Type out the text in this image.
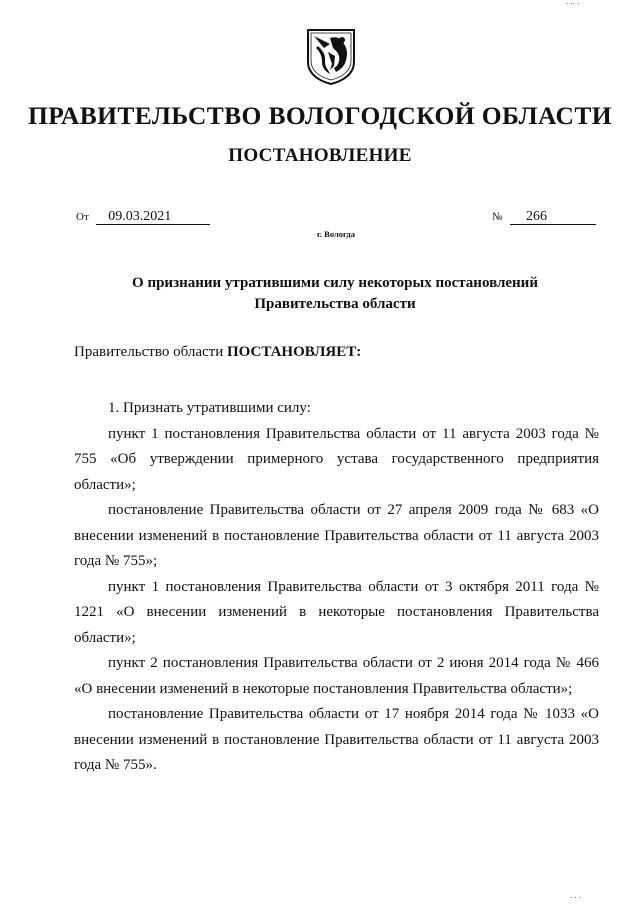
ПРАВИТЕЛЬСТВО ВОЛОГОДСКОЙ ОБЛАСТИ
ПОСТАНОВЛЕНИЕ
От 09.03.2021	№ 266
г. Вологда
О признании утратившими силу некоторых постановлений
Правительства области
Правительство области ПОСТАНОВЛЯЕТ:

1. Признать утратившими силу:

пункт 1 постановления Правительства области от 11 августа 2003 года № 755 «Об утверждении примерного устава государственного предприятия области»;

постановление Правительства области от 27 апреля 2009 года № 683 «О внесении изменений в постановление Правительства области от 11 августа 2003 года № 755»;

пункт 1 постановления Правительства области от 3 октября 2011 года № 1221 «О внесении изменений в некоторые постановления Правительства области»;

пункт 2 постановления Правительства области от 2 июня 2014 года № 466 «О внесении изменений в некоторые постановления Правительства области»;

постановление Правительства области от 17 ноября 2014 года № 1033 «О внесении изменений в постановление Правительства области от 11 августа 2003 года № 755».

. .. .
. . .
